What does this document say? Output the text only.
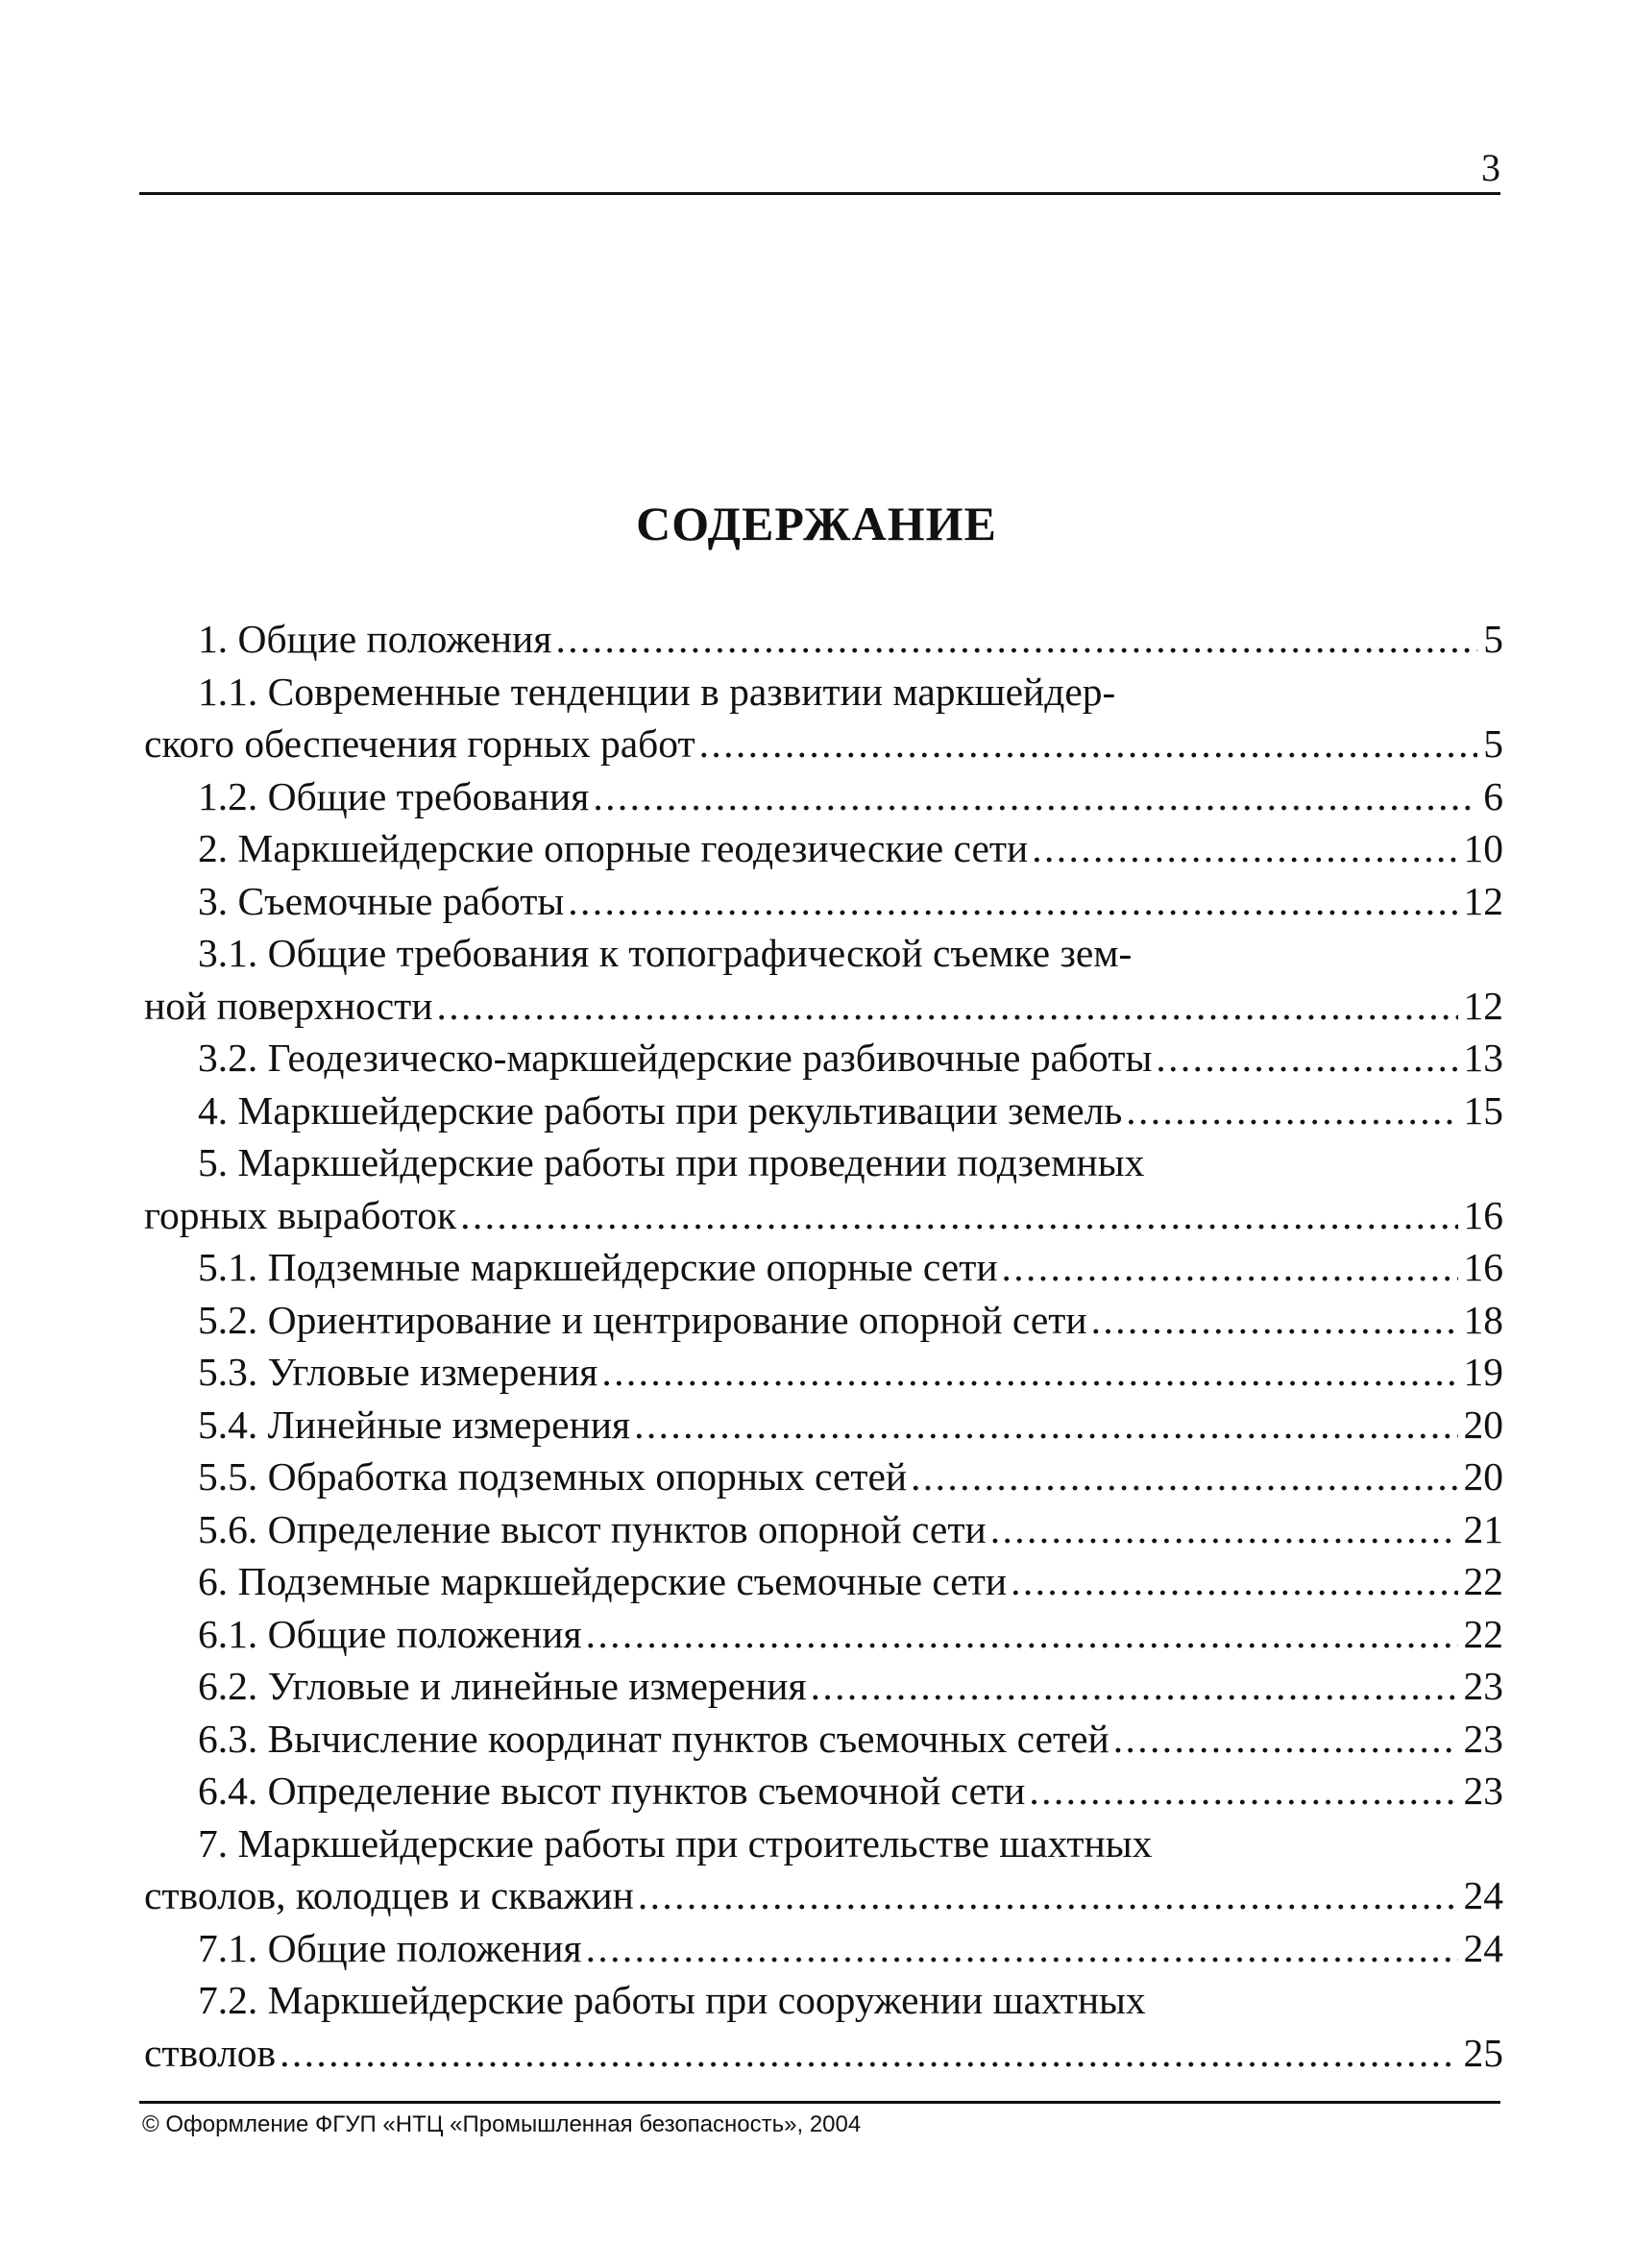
3
СОДЕРЖАНИЕ
1. Общие положения . . .	5
1.1. Современные тенденции в развитии маркшейдер-
ского обеспечения горных работ . . .	5
1.2. Общие требования . . .	6
2. Маркшейдерские опорные геодезические сети . . .	10
3. Съемочные работы . . .	12
3.1. Общие требования к топографической съемке зем-
ной поверхности . . .	12
3.2. Геодезическо-маркшейдерские разбивочные работы . . .	13
4. Маркшейдерские работы при рекультивации земель . . .	15
5. Маркшейдерские работы при проведении подземных
горных выработок . . .	16
5.1. Подземные маркшейдерские опорные сети . . .	16
5.2. Ориентирование и центрирование опорной сети . . .	18
5.3. Угловые измерения . . .	19
5.4. Линейные измерения . . .	20
5.5. Обработка подземных опорных сетей . . .	20
5.6. Определение высот пунктов опорной сети . . .	21
6. Подземные маркшейдерские съемочные сети . . .	22
6.1. Общие положения . . .	22
6.2. Угловые и линейные измерения . . .	23
6.3. Вычисление координат пунктов съемочных сетей . . .	23
6.4. Определение высот пунктов съемочной сети . . .	23
7. Маркшейдерские работы при строительстве шахтных
стволов, колодцев и скважин . . .	24
7.1. Общие положения . . .	24
7.2. Маркшейдерские работы при сооружении шахтных
стволов . . .	25
© Оформление ФГУП «НТЦ «Промышленная безопасность», 2004
